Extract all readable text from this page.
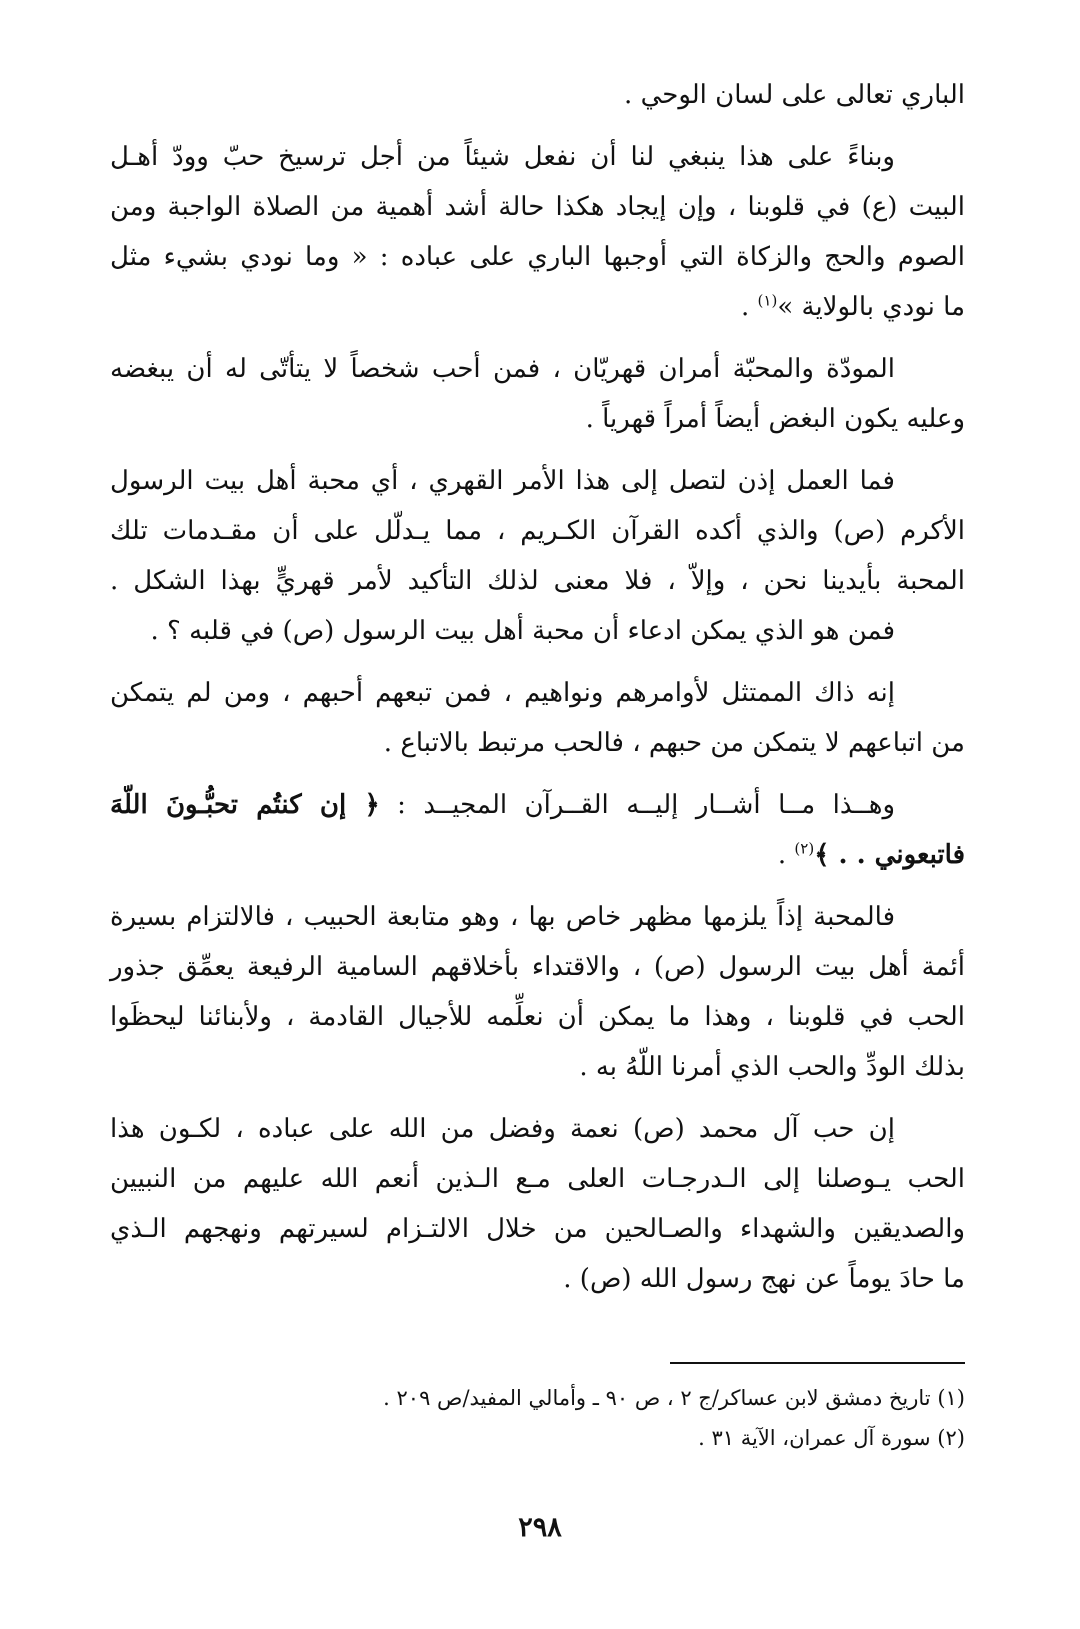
الباري تعالى على لسان الوحي .
وبناءً على هذا ينبغي لنا أن نفعل شيئاً من أجل ترسيخ حبّ وودّ أهـل
البيت (ع) في قلوبنا ، وإن إيجاد هكذا حالة أشد أهمية من الصلاة الواجبة ومن
الصوم والحج والزكاة التي أوجبها الباري على عباده : « وما نودي بشيء مثل
ما نودي بالولاية »$^{(١)}$ .
المودّة والمحبّة أمران قهريّان ، فمن أحب شخصاً لا يتأتّى له أن يبغضه
وعليه يكون البغض أيضاً أمراً قهرياً .
فما العمل إذن لتصل إلى هذا الأمر القهري ، أي محبة أهل بيت الرسول
الأكرم (ص) والذي أكده القرآن الكـريم ، مما يـدلّل على أن مقـدمات تلك
المحبة بأيدينا نحن ، وإلاّ ، فلا معنى لذلك التأكيد لأمر قهريٍّ بهذا الشكل .
فمن هو الذي يمكن ادعاء أن محبة أهل بيت الرسول (ص) في قلبه ؟ .
إنه ذاك الممتثل لأوامرهم ونواهيم ، فمن تبعهم أحبهم ، ومن لم يتمكن
من اتباعهم لا يتمكن من حبهم ، فالحب مرتبط بالاتباع .
وهــذا مــا أشــار إليــه القــرآن المجيــد : ﴿ إن كنتُم تحبُّـونَ اللّهَ
فاتبعوني . . ﴾$^{(٢)}$ .
فالمحبة إذاً يلزمها مظهر خاص بها ، وهو متابعة الحبيب ، فالالتزام بسيرة
أئمة أهل بيت الرسول (ص) ، والاقتداء بأخلاقهم السامية الرفيعة يعمِّق جذور
الحب في قلوبنا ، وهذا ما يمكن أن نعلِّمه للأجيال القادمة ، ولأبنائنا ليحظَوا
بذلك الودِّ والحب الذي أمرنا اللّهُ به .
إن حب آل محمد (ص) نعمة وفضل من الله على عباده ، لكـون هذا
الحب يـوصلنا إلى الـدرجـات العلى مـع الـذين أنعم الله عليهم من النبيين
والصديقين والشهداء والصـالحين من خلال الالتـزام لسيرتهم ونهجهم الـذي
ما حادَ يوماً عن نهج رسول الله (ص) .
(١) تاريخ دمشق لابن عساكر/ج ٢ ، ص ٩٠ ـ وأمالي المفيد/ص ٢٠٩ .
(٢) سورة آل عمران، الآية ٣١ .
٢٩٨
